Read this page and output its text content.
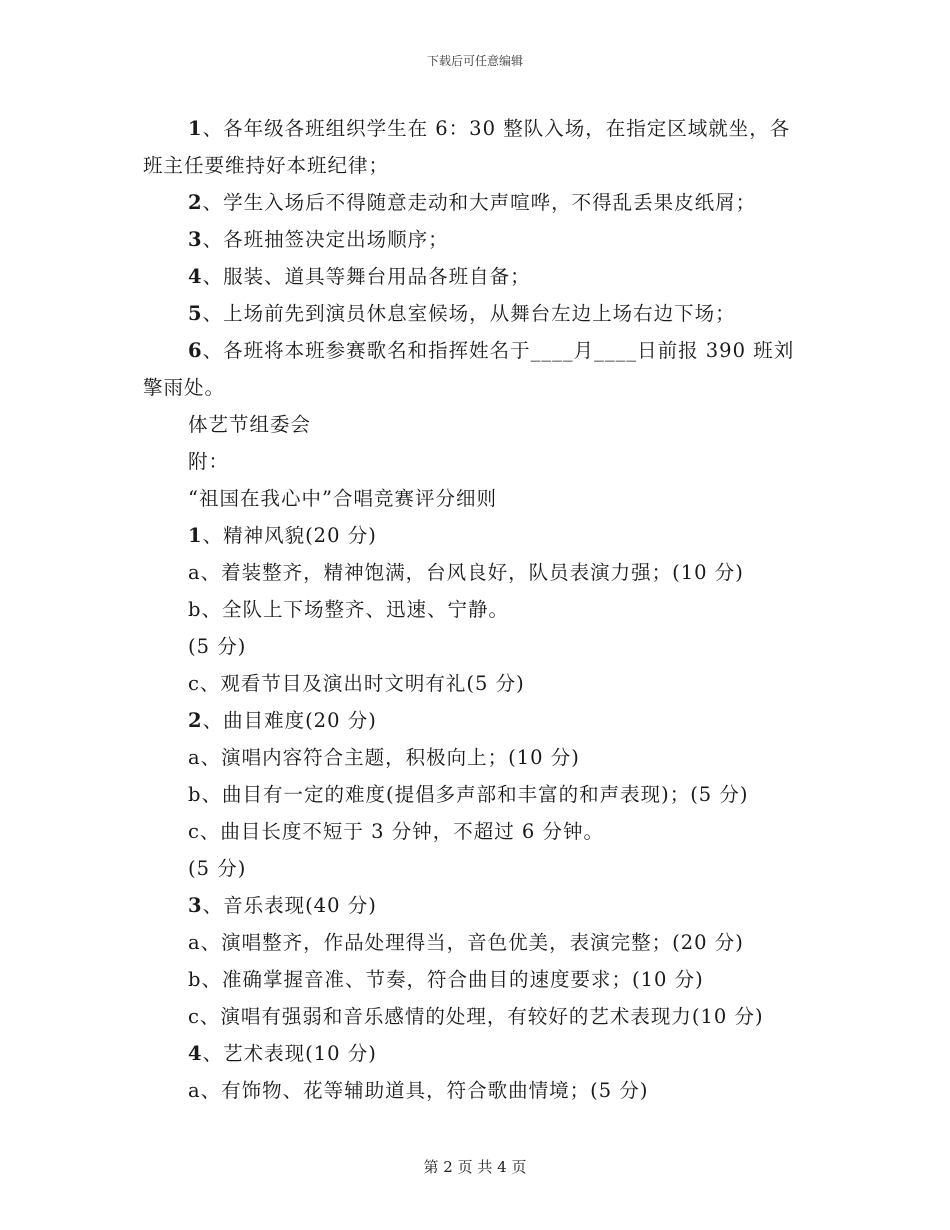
下载后可任意编辑

1、各年级各班组织学生在 6：30 整队入场，在指定区域就坐，各班主任要维持好本班纪律；

2、学生入场后不得随意走动和大声喧哗，不得乱丢果皮纸屑；

3、各班抽签决定出场顺序；

4、服装、道具等舞台用品各班自备；

5、上场前先到演员休息室候场，从舞台左边上场右边下场；

6、各班将本班参赛歌名和指挥姓名于____月____日前报 390 班刘擎雨处。

体艺节组委会

附：

“祖国在我心中”合唱竞赛评分细则

1、精神风貌(20 分)

a、着装整齐，精神饱满，台风良好，队员表演力强；(10 分)

b、全队上下场整齐、迅速、宁静。

(5 分)

c、观看节目及演出时文明有礼(5 分)

2、曲目难度(20 分)

a、演唱内容符合主题，积极向上；(10 分)

b、曲目有一定的难度(提倡多声部和丰富的和声表现)；(5 分)

c、曲目长度不短于 3 分钟，不超过 6 分钟。

(5 分)

3、音乐表现(40 分)

a、演唱整齐，作品处理得当，音色优美，表演完整；(20 分)

b、准确掌握音准、节奏，符合曲目的速度要求；(10 分)

c、演唱有强弱和音乐感情的处理，有较好的艺术表现力(10 分)

4、艺术表现(10 分)

a、有饰物、花等辅助道具，符合歌曲情境；(5 分)

第 2 页 共 4 页
